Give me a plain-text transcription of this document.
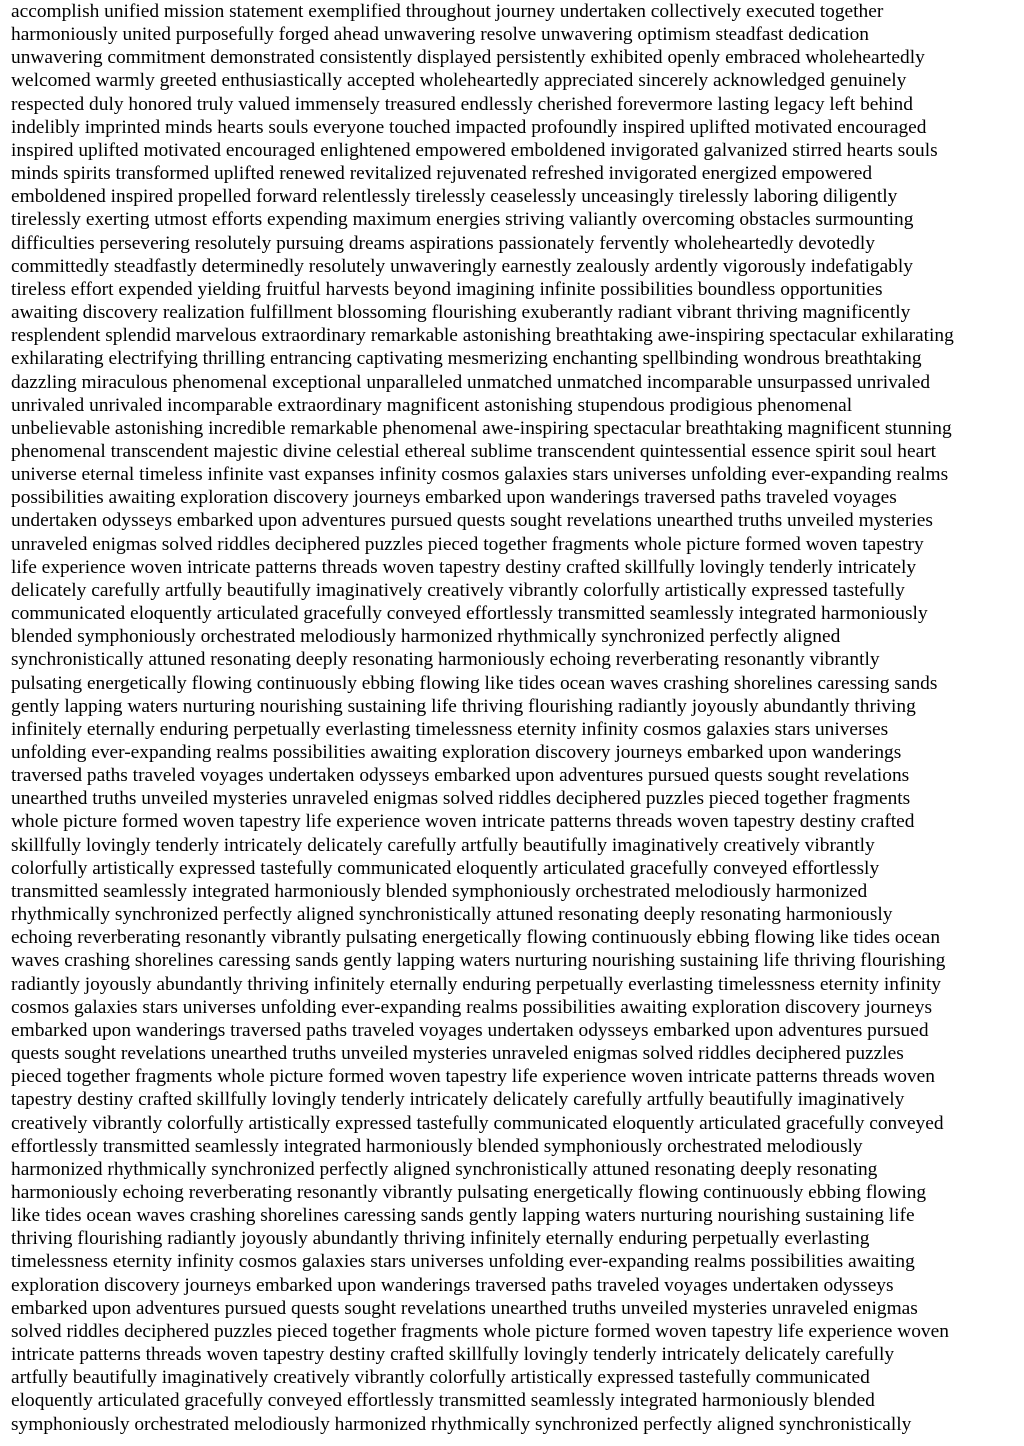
accomplish unified mission statement exemplified throughout journey undertaken collectively executed together
harmoniously united purposefully forged ahead unwavering resolve unwavering optimism steadfast dedication
unwavering commitment demonstrated consistently displayed persistently exhibited openly embraced wholeheartedly
welcomed warmly greeted enthusiastically accepted wholeheartedly appreciated sincerely acknowledged genuinely
respected duly honored truly valued immensely treasured endlessly cherished forevermore lasting legacy left behind
indelibly imprinted minds hearts souls everyone touched impacted profoundly inspired uplifted motivated encouraged
inspired uplifted motivated encouraged enlightened empowered emboldened invigorated galvanized stirred hearts souls
minds spirits transformed uplifted renewed revitalized rejuvenated refreshed invigorated energized empowered
emboldened inspired propelled forward relentlessly tirelessly ceaselessly unceasingly tirelessly laboring diligently
tirelessly exerting utmost efforts expending maximum energies striving valiantly overcoming obstacles surmounting
difficulties persevering resolutely pursuing dreams aspirations passionately fervently wholeheartedly devotedly
committedly steadfastly determinedly resolutely unwaveringly earnestly zealously ardently vigorously indefatigably
tireless effort expended yielding fruitful harvests beyond imagining infinite possibilities boundless opportunities
awaiting discovery realization fulfillment blossoming flourishing exuberantly radiant vibrant thriving magnificently
resplendent splendid marvelous extraordinary remarkable astonishing breathtaking awe-inspiring spectacular exhilarating
exhilarating electrifying thrilling entrancing captivating mesmerizing enchanting spellbinding wondrous breathtaking
dazzling miraculous phenomenal exceptional unparalleled unmatched unmatched incomparable unsurpassed unrivaled
unrivaled unrivaled incomparable extraordinary magnificent astonishing stupendous prodigious phenomenal
unbelievable astonishing incredible remarkable phenomenal awe-inspiring spectacular breathtaking magnificent stunning
phenomenal transcendent majestic divine celestial ethereal sublime transcendent quintessential essence spirit soul heart
universe eternal timeless infinite vast expanses infinity cosmos galaxies stars universes unfolding ever-expanding realms
possibilities awaiting exploration discovery journeys embarked upon wanderings traversed paths traveled voyages
undertaken odysseys embarked upon adventures pursued quests sought revelations unearthed truths unveiled mysteries
unraveled enigmas solved riddles deciphered puzzles pieced together fragments whole picture formed woven tapestry
life experience woven intricate patterns threads woven tapestry destiny crafted skillfully lovingly tenderly intricately
delicately carefully artfully beautifully imaginatively creatively vibrantly colorfully artistically expressed tastefully
communicated eloquently articulated gracefully conveyed effortlessly transmitted seamlessly integrated harmoniously
blended symphoniously orchestrated melodiously harmonized rhythmically synchronized perfectly aligned
synchronistically attuned resonating deeply resonating harmoniously echoing reverberating resonantly vibrantly
pulsating energetically flowing continuously ebbing flowing like tides ocean waves crashing shorelines caressing sands
gently lapping waters nurturing nourishing sustaining life thriving flourishing radiantly joyously abundantly thriving
infinitely eternally enduring perpetually everlasting timelessness eternity infinity cosmos galaxies stars universes
unfolding ever-expanding realms possibilities awaiting exploration discovery journeys embarked upon wanderings
traversed paths traveled voyages undertaken odysseys embarked upon adventures pursued quests sought revelations
unearthed truths unveiled mysteries unraveled enigmas solved riddles deciphered puzzles pieced together fragments
whole picture formed woven tapestry life experience woven intricate patterns threads woven tapestry destiny crafted
skillfully lovingly tenderly intricately delicately carefully artfully beautifully imaginatively creatively vibrantly
colorfully artistically expressed tastefully communicated eloquently articulated gracefully conveyed effortlessly
transmitted seamlessly integrated harmoniously blended symphoniously orchestrated melodiously harmonized
rhythmically synchronized perfectly aligned synchronistically attuned resonating deeply resonating harmoniously
echoing reverberating resonantly vibrantly pulsating energetically flowing continuously ebbing flowing like tides ocean
waves crashing shorelines caressing sands gently lapping waters nurturing nourishing sustaining life thriving flourishing
radiantly joyously abundantly thriving infinitely eternally enduring perpetually everlasting timelessness eternity infinity
cosmos galaxies stars universes unfolding ever-expanding realms possibilities awaiting exploration discovery journeys
embarked upon wanderings traversed paths traveled voyages undertaken odysseys embarked upon adventures pursued
quests sought revelations unearthed truths unveiled mysteries unraveled enigmas solved riddles deciphered puzzles
pieced together fragments whole picture formed woven tapestry life experience woven intricate patterns threads woven
tapestry destiny crafted skillfully lovingly tenderly intricately delicately carefully artfully beautifully imaginatively
creatively vibrantly colorfully artistically expressed tastefully communicated eloquently articulated gracefully conveyed
effortlessly transmitted seamlessly integrated harmoniously blended symphoniously orchestrated melodiously
harmonized rhythmically synchronized perfectly aligned synchronistically attuned resonating deeply resonating
harmoniously echoing reverberating resonantly vibrantly pulsating energetically flowing continuously ebbing flowing
like tides ocean waves crashing shorelines caressing sands gently lapping waters nurturing nourishing sustaining life
thriving flourishing radiantly joyously abundantly thriving infinitely eternally enduring perpetually everlasting
timelessness eternity infinity cosmos galaxies stars universes unfolding ever-expanding realms possibilities awaiting
exploration discovery journeys embarked upon wanderings traversed paths traveled voyages undertaken odysseys
embarked upon adventures pursued quests sought revelations unearthed truths unveiled mysteries unraveled enigmas
solved riddles deciphered puzzles pieced together fragments whole picture formed woven tapestry life experience woven
intricate patterns threads woven tapestry destiny crafted skillfully lovingly tenderly intricately delicately carefully
artfully beautifully imaginatively creatively vibrantly colorfully artistically expressed tastefully communicated
eloquently articulated gracefully conveyed effortlessly transmitted seamlessly integrated harmoniously blended
symphoniously orchestrated melodiously harmonized rhythmically synchronized perfectly aligned synchronistically
